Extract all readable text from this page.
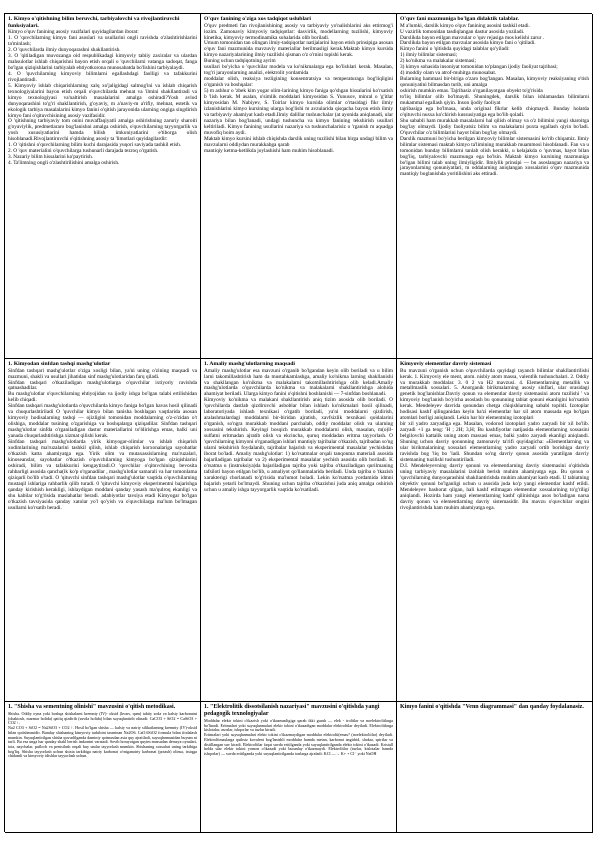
1. Kimyo o'qitishning bilim beruvchi, tarbiyalovchi va rivojlantiruvchi funksiyalari.
Kimyo o'quv fanining asosiy vazifalari quyidagilardan iborat:
1. O 'quvchilarning kimyo fani asoslari va usullarini ongli ravishda o'zlashtirishlarini ta'minlash;
2. O 'quvchilarda ilmiy dunyoqarashni shakllantirish.
3. O 'qitiladigan muvozanga oid respublikadagi kimyoviy tabiiy zaxiralar va ulardan mahsulotlar ishlab chiqarishni bayon etish orqali o 'quvchilarni vatanga sadoqat, fanga bo'lgan qiziqishlarini tarbiyalab ehtiyotkorona munosabatda bo'lishini tarbiyalaydi.
4. O 'quvchilarning kimyoviy bilimlarni egallashdagi faolligi va tafakkurini rivojlantiradi.
5. Kimyoviy ishlab chiqarishlarning xalq xo'jaligidagi salmog'ini va ishlab chiqarish texnologiyalarini bayon etish orqali o'quvchilarda mehnat va 'ilmini shakllantiradi va kimyo texnologiyasi va'naltirish masalalarini amalga oshiradi?Yosh avlod dunyoqarashini to'g'ri shakllantirish, g'oyaviy, m a'naviy-m a'rifiy, mehnat, estetik va ekologik tarbiya masalalarini kimyo fanini o'qitish jarayonida ularning ongiga singdirish kimyo fani o'qituvchisining asosiy vazifasidir.
O 'qitishning tarbiyaviy tom onini muvaffaqiyatli amalga oshirishning zaruriy sharoiti g'oyaviylik, predmetlararo bog'lanishni amalga oshirish, o'quvchilarning tayyorgarlik va yosh xususiyatlarini hamda bilish imkoniyatlarini e'tiborga olish hisoblanadi.Rivojlantiruvchi o'qitishning asosiy ta 'limotlari quyidagilardir:
1. O 'qitishni o'quvchilarning bilim kuchi darajasida yuqori saviyada tashkil etish.
2. O 'quv materialini o'quvchilarga tushunarli darajada tezroq o'rgatish.
3. Nazariy bilim hissalarini ko'paytirish.
4. Ta'limning ongli o'zlashtirilishini amalga oshirish.
O'quv fanining o'ziga xos tadqiqot uslublari
O'quv predmeti fan rivojlanishining asosiy va tarbiyaviy yo'nalishlarini aks ettirmog'i lozim. Zamonaviy kimyoviy tadqiqotlar: dasvirlik, modellarning tuzilishi, kimyoviy kinetika, kimyoviy termodinamika sohalarida olib boriladi.
Umum tomonidan tan olingan ilmiy-tadqiqotlar natijalarini bayon etish prinsipiga asosan o'quv fani mazmunida mavzuviy materiallar berilmasligi kerak.Maktab kimyo kursida kimyo nazariyalarining ilmiy tuzilishi qisman o'z o'rnini topishi kerak.
Buning uchun tadqiqotning ayrim
usullari bo'yicha o 'quvchilar modela va ko'nikmalarga ega bo'lishlari kerak. Masalan, tog'ri jarayonlarning analizi, elektrolit yordamida
moddalar olish, reaksiya tezligining konsentratsiya va temperaturaga bog'liqligini o'rganish va boshqalar:
5) m ashhur o 'zbek kim yogar olim-larining kimyo faniga qo'shgan hissalarini ko'rsatish b 'lish kerak. M asalan, o'simlik moddalari kimyosidan S. Yunusov, minral o 'g'itlar kimyosidan M. Nabiyev, S. Toirlar kimyo kursida olimlar o'rtasidagi fikr ilmiy izlanishlarini kimyo kursining ularga bog'lishi m avzularida qisqacha bayon etish ilmiy va tarbiyaviy ahamiyat kasb etadi.Ilmiy dalillar tushunchalar (at ayonida aniqlanadi, ular nazariya bilan bog'lanadi, undagi tushuncha va kimyo fanining tekshirish usullari keltiriladi. Kimyo fanining usullarini nazariya va tushunchalarisiz o 'rganish m aqsadga muvofiq boim aydi.
Maktab kimyo kursini ishlab chiqishda darslik uning tuzilishi bilan birga undagi bilim va mavzularni oddiydan murakkabga qarab
mantiqiy ketma-ketlikda joylashishi ham muhim hisoblanadi.
O'quv fani mazmuniga bo'lgan didaktik talablar.
M a'lumki, darslik kimyo o'quv fanining asosini tashkil etadi.
U vazirlik tomonidan tasdiqlangan dastur asosida yoziladi.
Darslikda bayon etilgan mavzular o 'quv rejasiga mos kelishi zarur .
Darslikda bayon etilgan mavzular asosida kimyo fani o 'qitiladi.
Kimyo fanini o 'qitishda quyidagi talablar qo'yiladi:
1) ilmiy bilimlar sistemasi;
2) ko'nikma va malakalar sistemasi;
3) kimyo sohasida insoniyat tomonidan to'plangan ijodiy faoliyat tajribasi;
4) moddiy olam va atrof-muhitga munosabat.
Bularning hammasi bir-biriga o'zaro bog'langan. Masalan, kimyoviy reaksiyaning o'tish qonuniyatini bilmasdan turib, uni amalga
oshirish mumkin emas. Tajribasiz o'rganilayotgan obyekt to'g'risida
to'liq bilimlar olib bo'lmaydi. Shuningdek, darslik bilan ishlamasdan bilimlarni mukammal egallash qiyin. Inson ijodiy faoliyat
tajribasiga ega bo'lmasa, unda original fikrlar kelib chiqmaydi. Bunday holatda o'qituvchi nusxa ko'chirish kussusiyatiga ega bo'lib qoladi.
Shu sababli ham murakkab masalalarni hal qilish olimay va o'z bilimini yangi sharoitga bog'lay olmaydi. Ijodiy faoliyatsiz bilim va malakalarni puxta egallash qiyin bo'ladi. O'quvchilar o'z bilimlarini hayot bilan bog'lay olmaydi.
Darslik mazmuni bo'yicha berilgan kimyoviy bilimlar sistemasini ko'rib chiqamiz. Ilmiy bilimlar sistemasi maktab kimyo ta'limining murakkab muammosi hisoblanadi. Fan va u tomonidan bunday bilimlarni tanlab olish kerakki, u kelajakda o 'quvmas, hayot bilan bog'liq, tarbiyalovchi mazmunga ega bo'lsin. Maktab kimyo kursining mazmuniga bo'lgan bilimi talab uning ilmiyligidir. Ilmiylik prinsipi — bu asoslangan nazariya va jarayonlarning qonuniyatlari, m oddalarning aniqlangan xossalarini o'quv mazmunida mantiqiy boglanishda yoritilishini aks ettiradi.
1. Kimyodan sinfdan tashqi mashg'ulotlar
Sinfdan tashqari mashg'ulotlar o'ziga xosligi bilan, ya'ni uning o'zining maqsadi va mazmuni, shakli va usullari jihatidan sinf mashg'ulotlaridan farq qiladi.
Sinfdan tashqari o'tkaziladigan mashg'ulotlarga o'quvchilar ixtiyoriy ravishda qatnashadilar.
Bu mashg'ulotlar o'quvchilarning ehtiyojidan va ijodiy ishga bo'lgan talabi ertilishidan kelib chiqadi.
Sinfdan tashqari mashg'ulotlarda o'quvchilarda kimyo faniga bo'lgan havas hosil qilinadi va chuqurlashtiriladi O 'quvchilar kimyo bilan tanisha boshlagan vaqtlarida asosan kimyoviy hodisalarning tashqi — ojizligini tomonidan moddalarning o'z-o'zidan o't olishiga, moddalar tusining o'zgarishiga va boshqalarga qiziqadilar. Sinfdan tashqari mashg'ulotlar sinfda o'rganiladigan dastur materiallarini to'ldirishga emas, balki uni yanada chuqurlashtirishga xizmat qilishi kerak.
Sinfdan tashqari mashg'ulotlarda yirik kimyogar-olimlar va ishlab chiqarish xodimlarining ma'ruzalarini tashkil qilish, ishlab chiqarish korxonalariga sayohatlar o'tkazish katta ahamiyatga ega. Yirik olim va mutaxassislarning ma'ruzalari, kinoseanslar, sayohatlar o'tkazish o'quvchilarning kimyoga bo'lgan qiziqishlarini oshiradi, bilim va tafakkurini kengaytiradi.O 'quvchilar o'qituvchining bevosita rahbarligi asosida qancha(ik ko'p o'rganadilar , mashg'ulotlar samarali va har tomonlama qiziqarli bo'lib o'tadi. O 'qituvchi sinfdan tashqari mashg'ulotlar vaqtida o'quvchilarning mustaqil ishlariga rahbarlik qilib turadi. 0 'qituvchi kimyoviy eksperimentni bajarishga qanday kirishish kerakligi, ishlaydigan moddani qanday yasash ma'qulroq ekanligi va shu kabilar to'g'risida maslahatlar beradi. adabiyotlar tavsiya etadi Kimyogar bo'lgan o'tkazish tavsiyasida qanday xatolar yo'l qo'yish va o'quvchilarga ma'lum bo'lmagan usullarni ko'rsatib beradi.
1. Amaliy mashg'ulotlarning maqsadi
Amaliy mashg'ulotlar esa mavzuni o'rganib bo'lgandan keyin olib boriladi va u bilim larni takomillashtirish ham da mustahkamlashga, amaliy ko'nikma larning shakllanishi va shakllangan ko'nikma va malakalarni takomillashtirishga olib keladi.Amaliy mashg'ulotlarda o'quvchilarda ko'nikma va malakalarni shakllantirishga alohida ahamiyat beriladi. Ularga kimyo fanini o'qitishni boshlanishi — 7-sinfdan boshlanadi.
Kimyoviy ko'nikma va malakani shakllantirish aniq tizim asosida olib boriladi. O 'quvchilarda dastlab qizdiruvchi asboblar bilan ishlash ko'nikmalari hosil qilinadi, laboratoriyada ishlash texnikasi o'rgatib boriladi, ya'ni moddalarni qizdirish, aralashmalardagi moddalarni bir-biridan ajratish, xavfsizlik texnikasi qoidalarini o'rganish, so'ngra murakkab moddani parchalab, oddiy moddalar olish va ularning xossasini tekshirish. Keyingi bosqich murakkab moddalarni olish, masalan, m(o)ll-sulfatni eritmadan ajratib olish va ekcincha, quruq moddadan eritma tayyorlash. O 'quvchilarning kimyoni o'rganadigan ishlari mantiqiy tajribalar o'tkazish, tajribadan so'ng ularni tekshirish foydalanib, tajribalar bajarish va eksperimental masalalar yechishdan iborat bo'ladi. Amaliy mashg'ulotlar: 1) ko'rsatmalar orqali tanqonma materiali asosida bajariladigan tajribalar va 2) eksperimental masalalar yechish asosida olib boriladi. K o'rsatma u (instruksiya)da bajariladigan tajriba yoki tajriba o'tkaziladigan qurilmaning tafsiloti bayon etilgan bo'lib, u amaliyot qo'llanmalarida beriladi. Unda tajriba o 'tkazish xarakterigi chorlanadi to'g'risida ma'lumot holadi. Lekin ko'rsatma yordamida idmni bajarish yetarli bo'lmaydi. Shuning uchun tajriba o'tkazishni juda aniq amalga oshirish uchun u amaliy ishga tayyorgarlik vaqtida ko'rsatiladi.
Kimyoviy elementlar davriy sistemasi
Bu mavzuni o'rganish uchun o'quvchilarda quyidagi tayanch bilimlar shakllantirilishi kerak. 1. Kimyoviy ele ment, atom. nisbiy atom massa, valentlik tushunchalari. 2. Oddiy va murakkab moddalar. 3. 0 2 va H2 mavzusi. 4. Elementlarning metallik va metallmaslik xossalari. 5. Anorganik birikmalarning asosiy sinflari, ular orasidagi genetik bog'lanishlar.Davriy qonun va elementlar davriy sistemasini atom tuzilishi ' va kimyoviy bog'lanish bo'yicha asoslash bu qonunning tabiat qonuni ekanligini ko'rsatish kerak. Mendeleyev davrida qonundan chetga chiqishlarning sababi topildi. Izotoplar hodisasi kashf qilinganidan keyin ba'zi elementlar har xil atom massada ega bo'lgan atomlari borligi aniqlandi. Lekin har bir elementning izotoplari
bir xil yadro zaryadiga ega. Masalan, vodorod izotoplari yadro zaryadi bir xil bo'lib. zaryadi +1 ga teng: 'H ; 2H; 3,H; Bu kashfiyotlar natijasida elementlarning xossasini belgilovchi kattalik uning atom massasi emas, balki yadro zaryadi ekanligi aniqlandi. Shuning uchun davriy qonunning zamonaviy ta'rifi quyidagicha: «Elementlarning va ular birikmalarining xossalari elementlarning yadro zaryadi ortib borishiga davriy ravishda bog 'liq bo 'ladi. Shundan so'ng davriy qonun asosida yaratilgan davriy sistemaning tuzilishi tushuntiriladi.
D.I. Mendeleyevning davriy qonuni va elementlarning davriy sistemasini o'qitishda uning tarbiyaviy masalalarini izohlab berish muhim ahamiyatga ega. Bu qonun o 'quvchilarning dunyoqarashini shakllantirishda muhim ahamiyat kasb etadi. U tabiatning obyektiv qonuni bo'lganligi uchun u asosida juda ko'p yangi elementlar kashf etildi. Mendeleyev bashorat qilgan, hali kashf etilmagan elementlar xossalarining to'g'riligi aniqlandi. Hozirda ham yangi elementlarning kashf qilinishiga asos bo'ladigan narsa davriy qonun va elementlarning davriy sistemasidir. Bu mavzu o'quvchilar ongini rivojlantirishda ham muhim ahamiyatga ega.
1. "Shisha va sementning olinishi" mavzusini o'qitish metodikasi.
Shisha. Oddiy oyna yoki boshqa shishalarni kremniy (IV)- oksid (kvars, qum) tabiiy soda va kalsiy karbonatni (ohaktosh, marmar holida) qattiq qizdirib (suvda holida) bilan suyuqlantirib olinadi: CaCO3 + SiO2 = CaSiO3 + CO2 ↑,
Na2 CO3 + SiO2 = Na2SiO3 + CO2 ↑. Hosil bo'lgan shisha — kalsiy va natriy silikatlarning kremniy (IV)-oksid bilan qotishmasidir. Bunday shishaning kimyoviy tarkibini taxminan Na2O6. CaO.6SiO2 formula bilan ifodalash mumkin. Suyuqlantirilgan shisha quvurlilganda daminiy qotmasdan asta quy ajratiladi, suyuqlanmasidan buyum ni turli. Bu esa unga har qanday shakl berish imkonini varatadi. Sovib borayotgan quyim massadan derazya oynalari, tota, naychalar, pufloch va penisilash orqali buy umlar tayyorlash mumkin. Shishaning xossalari uning tarkibiga bog'liq. Shisha tayyorlash uchun shixta tarkibiga natriy karbonat o'rniganatriy karbonat (potash) olinsa, issiqga chidamli va kimyoviy idishlar tayyorlash uchun.
1. "Elektrolitik dissotsilanish nazariyasi" mavzusini o'qitishda yangi pedagogik texnologiyalar
Moddalar elektr tokini o'tkazish yoki o'tkazmasligiga qarab ikki guruh — elek - trolitlar va noelektrolitlarga bo'linadi. Eritmalari yoki suyuqlanmalari elektr tokini o'tkazadigan moddalar elektrolitlar deyiladi. Elektrolitlarga kislotalar, asoslar, ishqorlar va tuzlar kiradi.
Eritmalari yoki suyuqlanmalari elektr tokini o'tkazmaydigan moddalar elektrolit(emas? (noelektrolitlar) deyiladi. Elektrolitmaslarga qutbsiz kovalent bog'lanishli moddalar hamda metan, karbonat angidrid, shakar, spirtlar va distillangan suv kiradi. Elektrolitlar faqat suvda eritilganda yoki suyuqlantirilganda elektr tokini o'tkazadi. Kristall holda ular elektr tokini yomon o'tkazadi yoki butunlay o'tkazmaydi. Elektrolitlar (tuzlar, kislotalar hamda ishqorlar) — suvda eritilganda yoki suyuqlantirilganda ionlarga ajraladi: KCl —→ K+ + Cl⁻ yoki NaOH
Kimyo fanini o'qitishda "Venn diagrammasi" dan qanday foydalanasiz.
